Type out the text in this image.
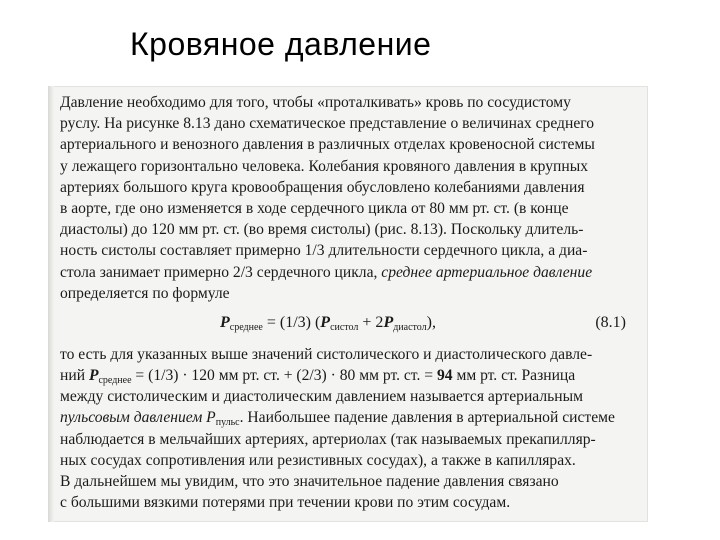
Кровяное давление
Давление необходимо для того, чтобы «проталкивать» кровь по сосудистому
руслу. На рисунке 8.13 дано схематическое представление о величинах среднего
артериального и венозного давления в различных отделах кровеносной системы
у лежащего горизонтально человека. Колебания кровяного давления в крупных
артериях большого круга кровообращения обусловлено колебаниями давления
в аорте, где оно изменяется в ходе сердечного цикла от 80 мм рт. ст. (в конце
диастолы) до 120 мм рт. ст. (во время систолы) (рис. 8.13). Поскольку длитель-
ность систолы составляет примерно 1/3 длительности сердечного цикла, а диа-
стола занимает примерно 2/3 сердечного цикла, среднее артериальное давление
определяется по формуле
$P_{среднее} = (1/3) (P_{систол} + 2P_{диастол})$,	(8.1)
то есть для указанных выше значений систолического и диастолического давле-
ний $P_{среднее} = (1/3) \cdot 120$ мм рт. ст. + (2/3) · 80 мм рт. ст. = 94 мм рт. ст. Разница
между систолическим и диастолическим давлением называется артериальным
пульсовым давлением $P_{пульс}$. Наибольшее падение давления в артериальной системе
наблюдается в мельчайших артериях, артериолах (так называемых прекапилляр-
ных сосудах сопротивления или резистивных сосудах), а также в капиллярах.
В дальнейшем мы увидим, что это значительное падение давления связано
с большими вязкими потерями при течении крови по этим сосудам.
